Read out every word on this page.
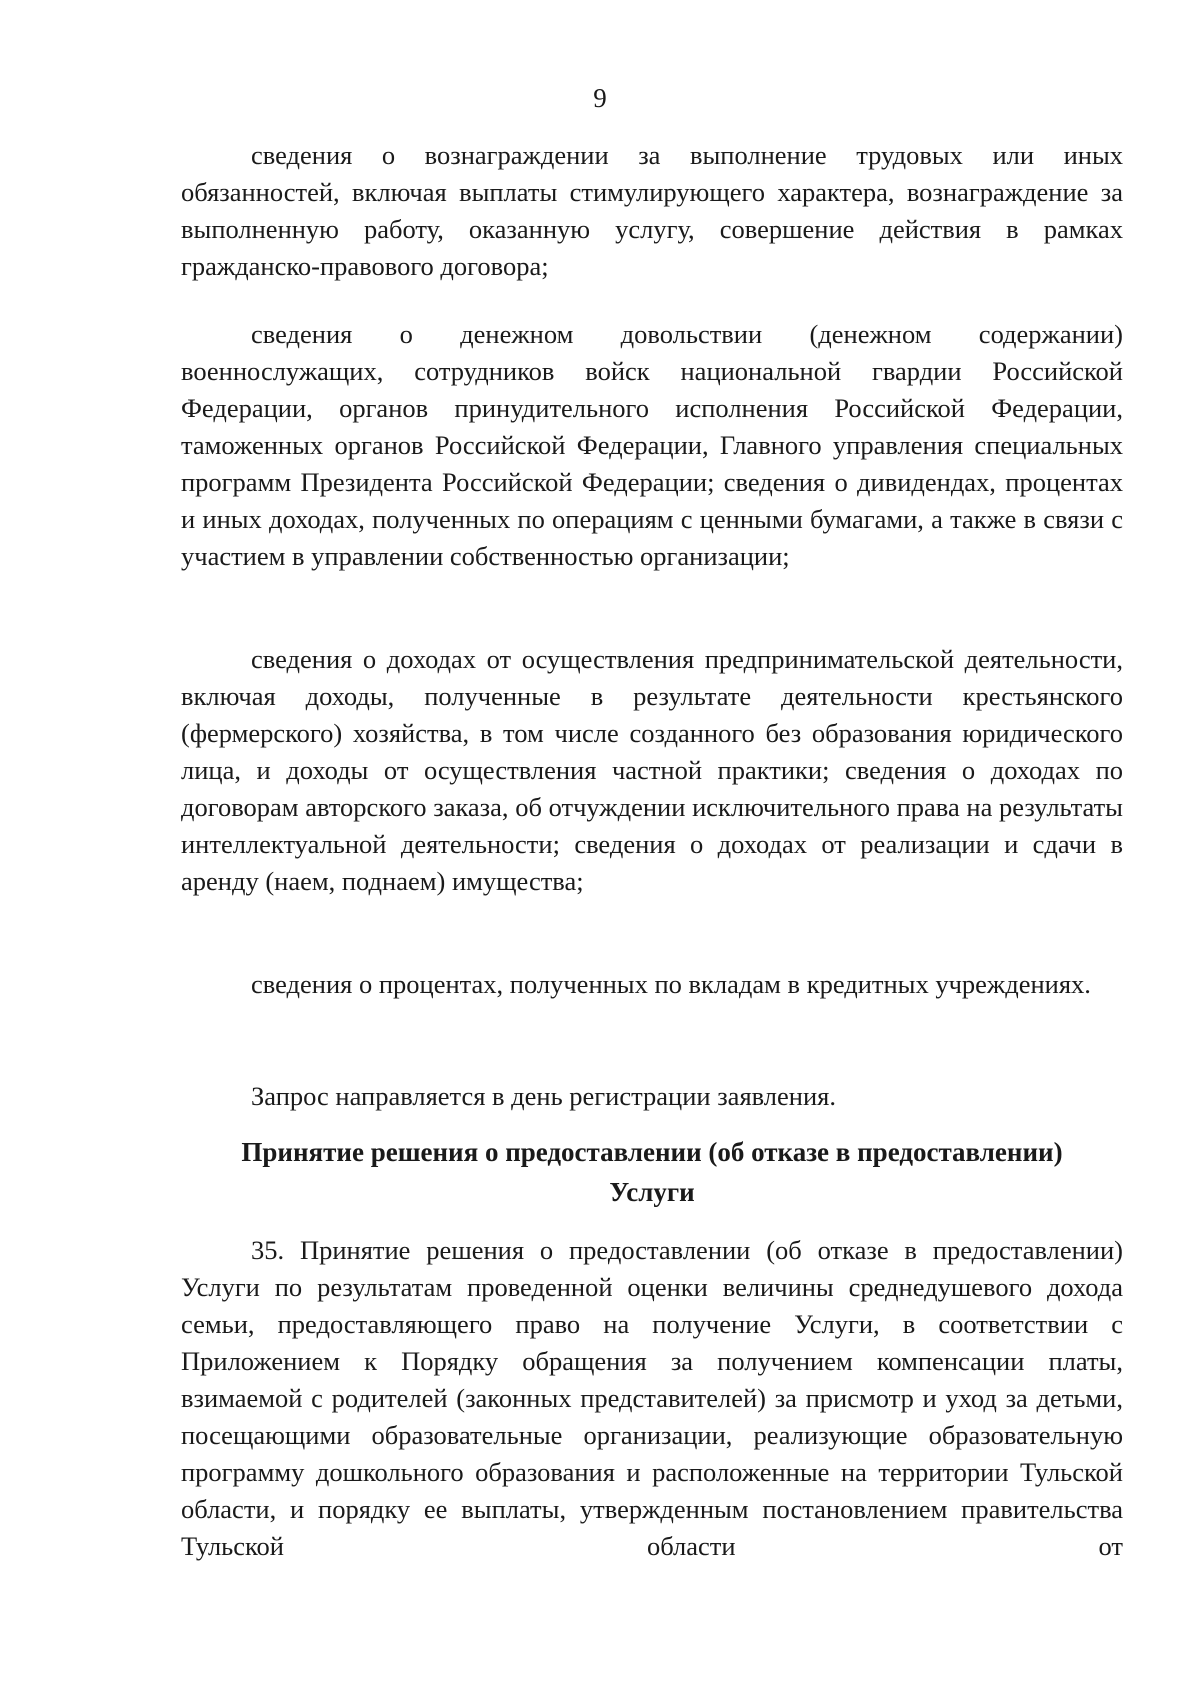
9

сведения о вознаграждении за выполнение трудовых или иных обязанностей, включая выплаты стимулирующего характера, вознаграждение за выполненную работу, оказанную услугу, совершение действия в рамках гражданско-правового договора;

сведения о денежном довольствии (денежном содержании) военнослужащих, сотрудников войск национальной гвардии Российской Федерации, органов принудительного исполнения Российской Федерации, таможенных органов Российской Федерации, Главного управления специальных программ Президента Российской Федерации; сведения о дивидендах, процентах и иных доходах, полученных по операциям с ценными бумагами, а также в связи с участием в управлении собственностью организации;

сведения о доходах от осуществления предпринимательской деятельности, включая доходы, полученные в результате деятельности крестьянского (фермерского) хозяйства, в том числе созданного без образования юридического лица, и доходы от осуществления частной практики; сведения о доходах по договорам авторского заказа, об отчуждении исключительного права на результаты интеллектуальной деятельности; сведения о доходах от реализации и сдачи в аренду (наем, поднаем) имущества;

сведения о процентах, полученных по вкладам в кредитных учреждениях.

Запрос направляется в день регистрации заявления.

Принятие решения о предоставлении (об отказе в предоставлении)
Услуги

35. Принятие решения о предоставлении (об отказе в предоставлении) Услуги по результатам проведенной оценки величины среднедушевого дохода семьи, предоставляющего право на получение Услуги, в соответствии с Приложением к Порядку обращения за получением компенсации платы, взимаемой с родителей (законных представителей) за присмотр и уход за детьми, посещающими образовательные организации, реализующие образовательную программу дошкольного образования и расположенные на территории Тульской области, и порядку ее выплаты, утвержденным постановлением правительства Тульской области от
